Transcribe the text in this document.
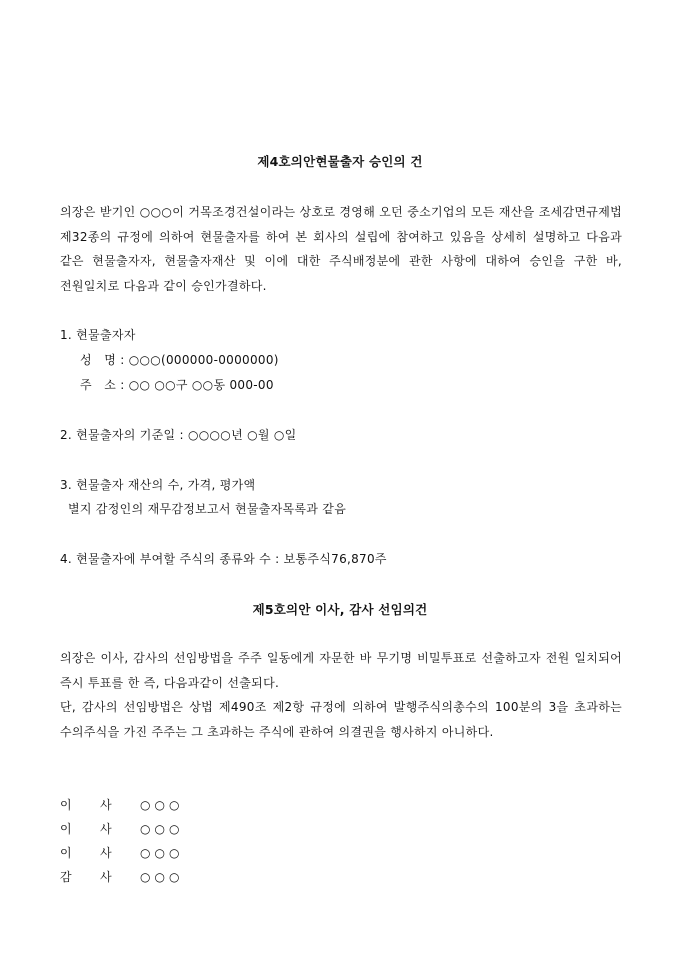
제4호의안현물출자 승인의 건
의장은 받기인 ○○○이 거목조경건설이라는 상호로 경영해 오던 중소기업의 모든 재산을 조세감면규제법 제32종의 규정에 의하여 현물출자를 하여 본 회사의 설립에 참여하고 있음을 상세히 설명하고 다음과 같은 현물출자자, 현물출자재산 및 이에 대한 주식배정분에 관한 사항에 대하여 승인을 구한 바, 전원일치로 다음과 같이 승인가결하다.
1. 현물출자자
성   명 : ○○○(000000-0000000)
주   소 : ○○ ○○구 ○○동 000-00
2. 현물출자의 기준일 : ○○○○년 ○월 ○일
3. 현물출자 재산의 수, 가격, 평가액
별지 감정인의 재무감정보고서 현물출자목록과 같음
4. 현물출자에 부여할 주식의 종류와 수 : 보통주식76,870주
제5호의안 이사, 감사 선임의건
의장은 이사, 감사의 선임방법을 주주 일동에게 자문한 바 무기명 비밀투표로 선출하고자 전원 일치되어 즉시 투표를 한 즉, 다음과같이 선출되다.
단, 감사의 선임방법은 상법 제490조 제2항 규정에 의하여 발행주식의총수의 100분의 3을 초과하는 수의주식을 가진 주주는 그 초과하는 주식에 관하여 의결권을 행사하지 아니하다.
이 사 ○○○
이 사 ○○○
이 사 ○○○
감 사 ○○○
